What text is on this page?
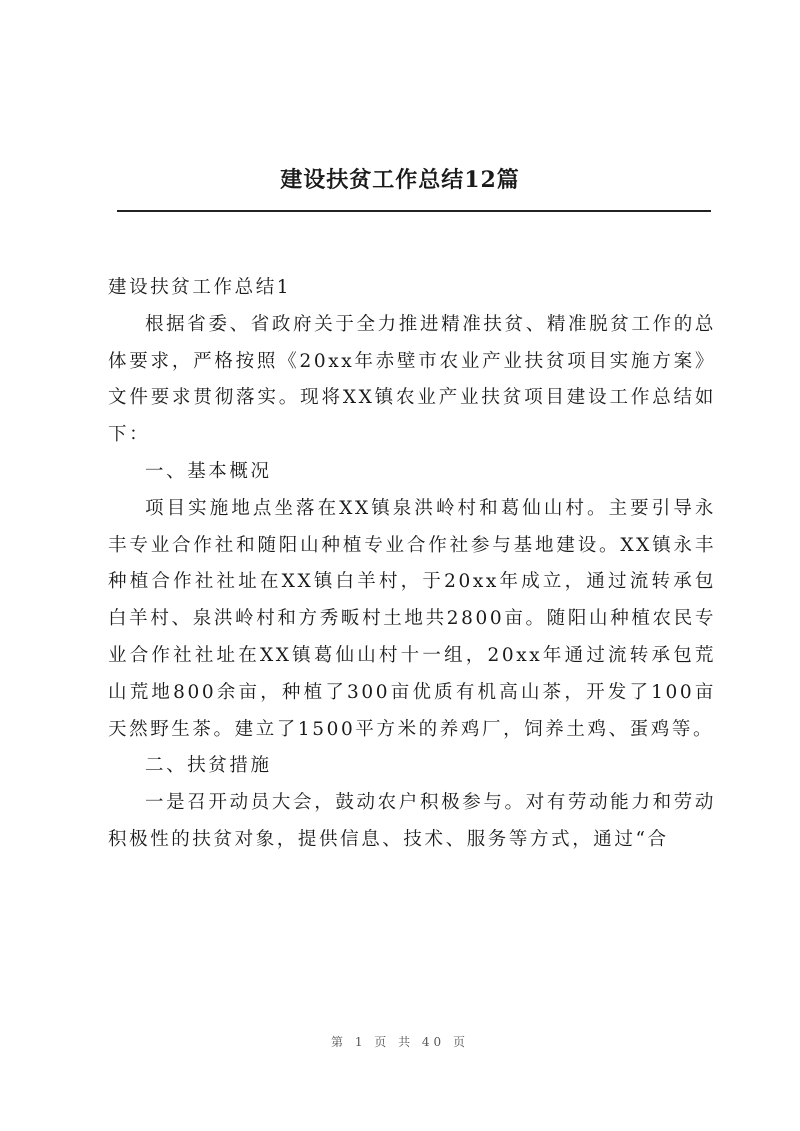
建设扶贫工作总结12篇

建设扶贫工作总结1

根据省委、省政府关于全力推进精准扶贫、精准脱贫工作的总体要求，严格按照《20xx年赤壁市农业产业扶贫项目实施方案》文件要求贯彻落实。现将XX镇农业产业扶贫项目建设工作总结如下：

一、基本概况

项目实施地点坐落在XX镇泉洪岭村和葛仙山村。主要引导永丰专业合作社和随阳山种植专业合作社参与基地建设。XX镇永丰种植合作社社址在XX镇白羊村，于20xx年成立，通过流转承包白羊村、泉洪岭村和方秀畈村土地共2800亩。随阳山种植农民专业合作社社址在XX镇葛仙山村十一组，20xx年通过流转承包荒山荒地800余亩，种植了300亩优质有机高山茶，开发了100亩天然野生茶。建立了1500平方米的养鸡厂，饲养土鸡、蛋鸡等。

二、扶贫措施

一是召开动员大会，鼓动农户积极参与。对有劳动能力和劳动积极性的扶贫对象，提供信息、技术、服务等方式，通过“合

第 1 页 共 40 页
